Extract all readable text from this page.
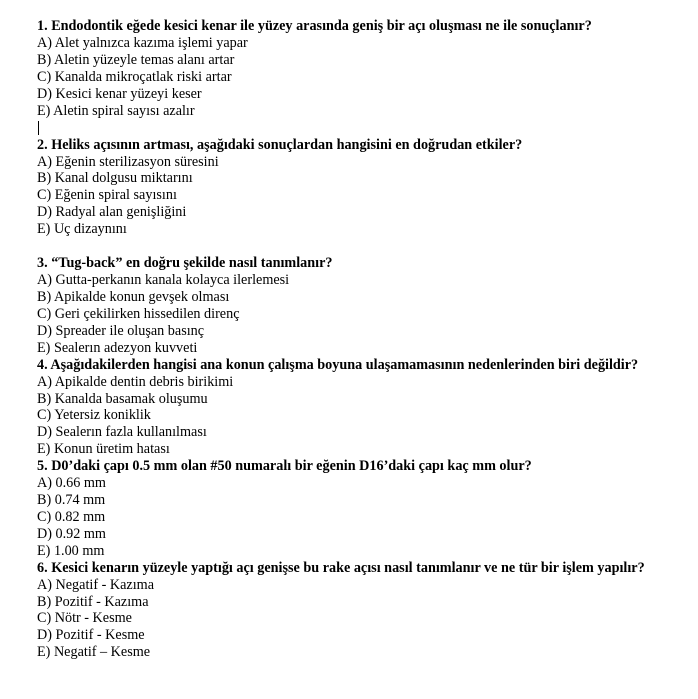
1. Endodontik eğede kesici kenar ile yüzey arasında geniş bir açı oluşması ne ile sonuçlanır?

A) Alet yalnızca kazıma işlemi yapar

B) Aletin yüzeyle temas alanı artar

C) Kanalda mikroçatlak riski artar

D) Kesici kenar yüzeyi keser

E) Aletin spiral sayısı azalır

2. Heliks açısının artması, aşağıdaki sonuçlardan hangisini en doğrudan etkiler?

A) Eğenin sterilizasyon süresini

B) Kanal dolgusu miktarını

C) Eğenin spiral sayısını

D) Radyal alan genişliğini

E) Uç dizaynını

3. “Tug-back” en doğru şekilde nasıl tanımlanır?

A) Gutta-perkanın kanala kolayca ilerlemesi

B) Apikalde konun gevşek olması

C) Geri çekilirken hissedilen direnç

D) Spreader ile oluşan basınç

E) Sealerın adezyon kuvveti

4. Aşağıdakilerden hangisi ana konun çalışma boyuna ulaşamamasının nedenlerinden biri değildir?

A) Apikalde dentin debris birikimi

B) Kanalda basamak oluşumu

C) Yetersiz koniklik

D) Sealerın fazla kullanılması

E) Konun üretim hatası

5. D0’daki çapı 0.5 mm olan #50 numaralı bir eğenin D16’daki çapı kaç mm olur?

A) 0.66 mm

B) 0.74 mm

C) 0.82 mm

D) 0.92 mm

E) 1.00 mm

6. Kesici kenarın yüzeyle yaptığı açı genişse bu rake açısı nasıl tanımlanır ve ne tür bir işlem yapılır?

A) Negatif - Kazıma

B) Pozitif - Kazıma

C) Nötr - Kesme

D) Pozitif - Kesme

E) Negatif – Kesme
